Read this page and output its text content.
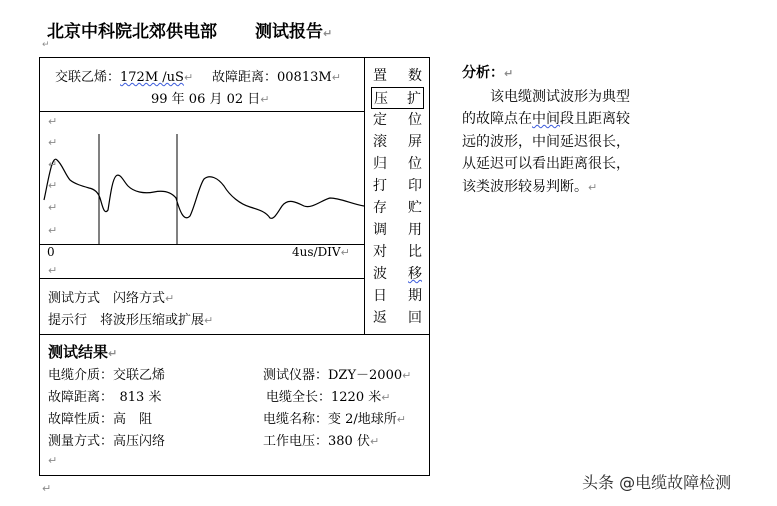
北京中科院北郊供电部 测试报告↵
↵
交联乙烯：172M /uS↵ 故障距离：00813M↵
99 年 06 月 02 日↵
↵
↵
↵
↵
↵
↵
0	4us/DIV↵
↵
测试方式　闪络方式↵
提示行　将波形压缩或扩展↵
测试结果↵
电缆介质：交联乙烯	测试仪器：DZY－2000↵
故障距离：　813 米	电缆全长：1220 米↵
故障性质：高　阻	电缆名称：变 2/地球所↵
测量方式：高压闪络	工作电压：380 伏↵
↵
置 数
压 扩
定 位
滚 屏
归 位
打 印
存 贮
调 用
对 比
波 移
日 期
返 回
↵
分析：↵
　　该电缆测试波形为典型
的故障点在中间段且距离较
远的波形，中间延迟很长，
从延迟可以看出距离很长，
该类波形较易判断。↵
头条 @电缆故障检测
